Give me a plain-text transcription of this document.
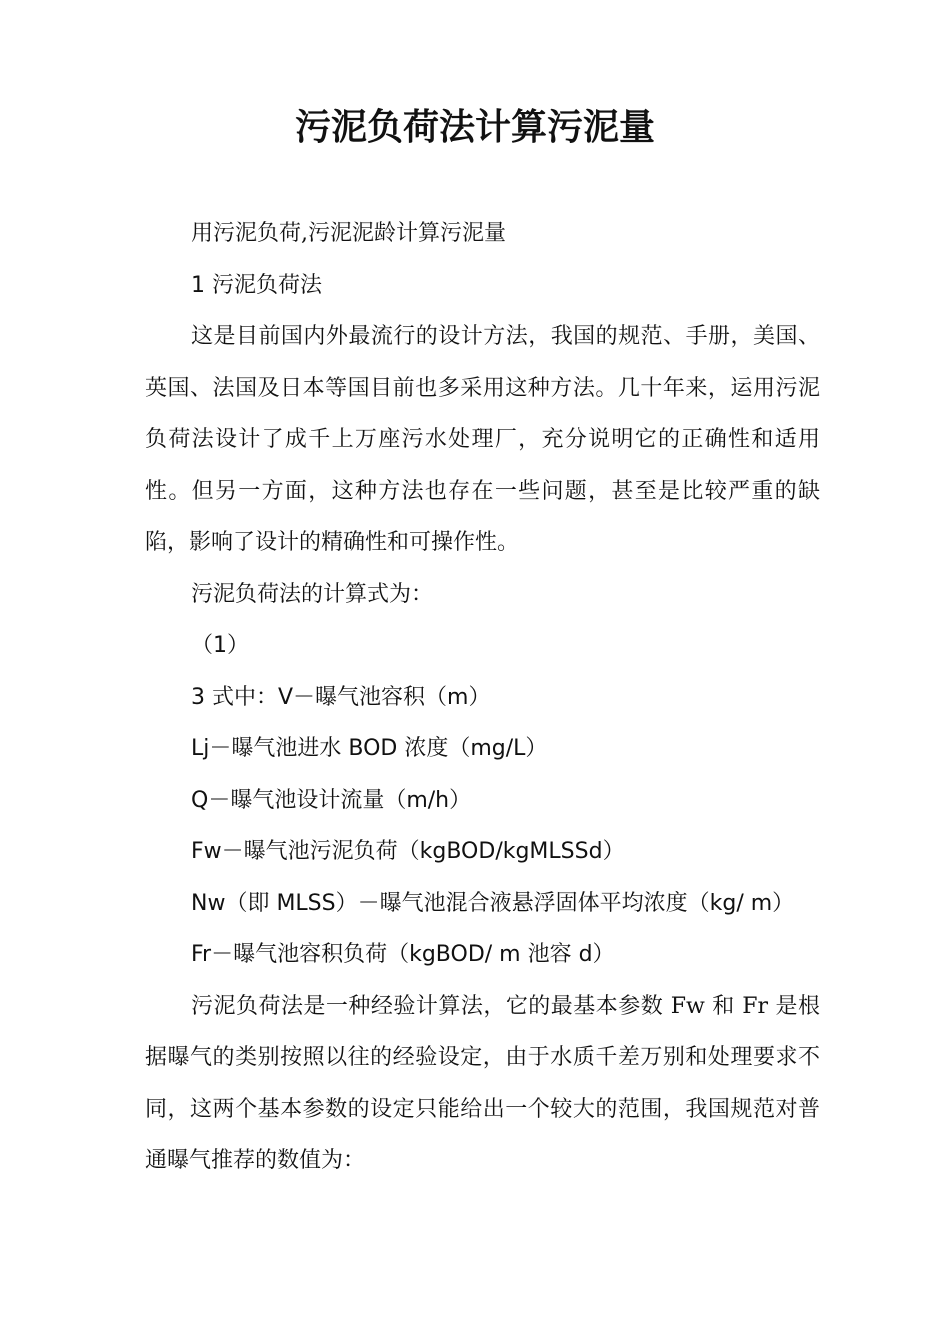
污泥负荷法计算污泥量

用污泥负荷,污泥泥龄计算污泥量

1 污泥负荷法

这是目前国内外最流行的设计方法，我国的规范、手册，美国、英国、法国及日本等国目前也多采用这种方法。几十年来，运用污泥负荷法设计了成千上万座污水处理厂，充分说明它的正确性和适用性。但另一方面，这种方法也存在一些问题，甚至是比较严重的缺陷，影响了设计的精确性和可操作性。

污泥负荷法的计算式为：

（1）

3 式中：V－曝气池容积（m）

Lj－曝气池进水 BOD 浓度（mg/L）

Q－曝气池设计流量（m/h）

Fw－曝气池污泥负荷（kgBOD/kgMLSSd）

Nw（即 MLSS）－曝气池混合液悬浮固体平均浓度（kg/ m）

Fr－曝气池容积负荷（kgBOD/ m 池容 d）

污泥负荷法是一种经验计算法，它的最基本参数 Fw 和 Fr 是根据曝气的类别按照以往的经验设定，由于水质千差万别和处理要求不同，这两个基本参数的设定只能给出一个较大的范围，我国规范对普通曝气推荐的数值为：
